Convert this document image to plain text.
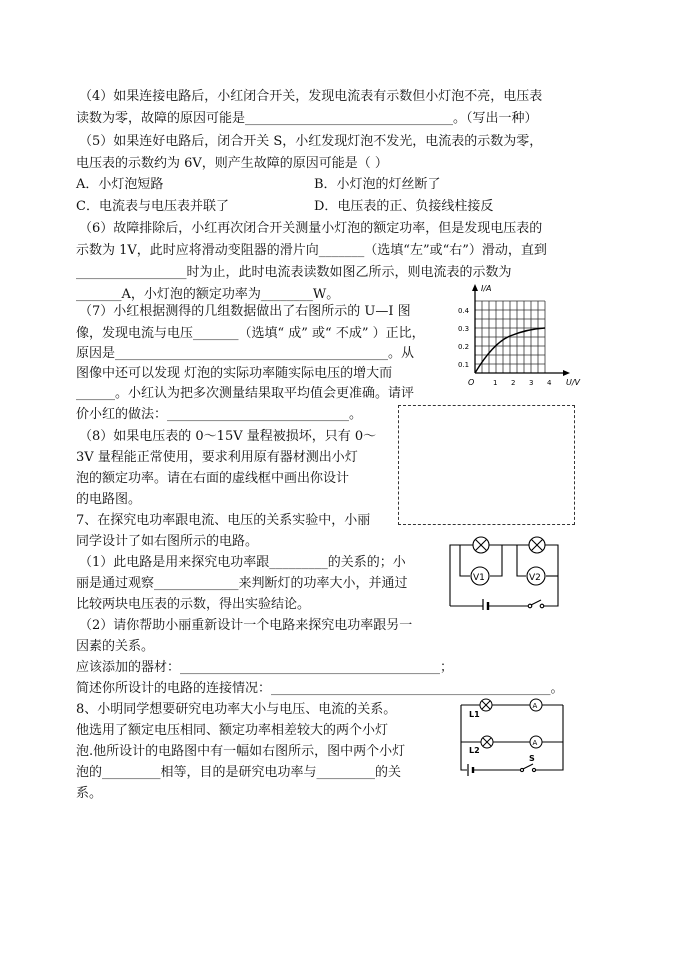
（4）如果连接电路后，小红闭合开关，发现电流表有示数但小灯泡不亮，电压表
读数为零，故障的原因可能是________________________________。（写出一种）
（5）如果连好电路后，闭合开关 S，小红发现灯泡不发光，电流表的示数为零，
电压表的示数约为 6V，则产生故障的原因可能是（ ）
A．小灯泡短路	B．小灯泡的灯丝断了
C．电流表与电压表并联了	D．电压表的正、负接线柱接反
（6）故障排除后，小红再次闭合开关测量小灯泡的额定功率，但是发现电压表的
示数为 1V，此时应将滑动变阻器的滑片向_______（选填“左”或“右”）滑动，直到
_________________时为止，此时电流表读数如图乙所示，则电流表的示数为
_______A，小灯泡的额定功率为________W。
（7）小红根据测得的几组数据做出了右图所示的 U—I 图
像，发现电流与电压_______（选填“ 成” 或“ 不成” ）正比，
原因是__________________________________________。从
图像中还可以发现 灯泡的实际功率随实际电压的增大而
______。小红认为把多次测量结果取平均值会更准确。请评
价小红的做法：____________________________。
（8）如果电压表的 0～15V 量程被损坏，只有 0～
3V 量程能正常使用，要求利用原有器材测出小灯
泡的额定功率。请在右面的虚线框中画出你设计
的电路图。
7、在探究电功率跟电流、电压的关系实验中，小丽
同学设计了如右图所示的电路。
（1）此电路是用来探究电功率跟_________的关系的；小
丽是通过观察_____________来判断灯的功率大小，并通过
比较两块电压表的示数，得出实验结论。
（2）请你帮助小丽重新设计一个电路来探究电功率跟另一
因素的关系。
应该添加的器材：________________________________________；
简述你所设计的电路的连接情况：___________________________________________。
8、小明同学想要研究电功率大小与电压、电流的关系。
他选用了额定电压相同、额定功率相差较大的两个小灯
泡.他所设计的电路图中有一幅如右图所示，图中两个小灯
泡的_________相等，目的是研究电功率与_________的关
系。
I/A
U/V
O
0.1
0.2
0.3
0.4
1 2 3 4
V1	V2
L1
L2
A
A
S
